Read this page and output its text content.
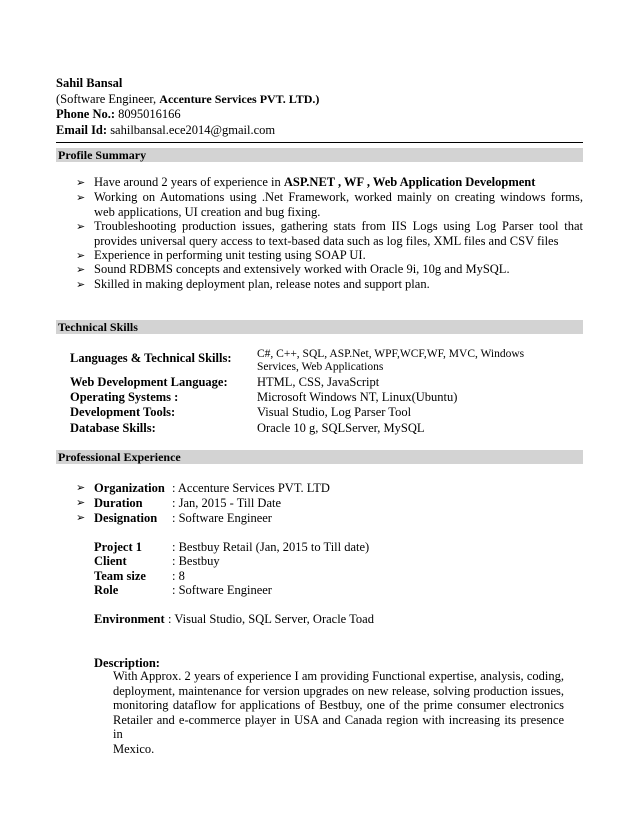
Sahil Bansal
(Software Engineer, Accenture Services PVT. LTD.)
Phone No.: 8095016166
Email Id: sahilbansal.ece2014@gmail.com
Profile Summary
➢ Have around 2 years of experience in ASP.NET , WF , Web Application Development
➢ Working on Automations using .Net Framework, worked mainly on creating windows forms,
web applications, UI creation and bug fixing.
➢ Troubleshooting production issues, gathering stats from IIS Logs using Log Parser tool that
provides universal query access to text-based data such as log files, XML files and CSV files
➢ Experience in performing unit testing using SOAP UI.
➢ Sound RDBMS concepts and extensively worked with Oracle 9i, 10g and MySQL.
➢ Skilled in making deployment plan, release notes and support plan.
Technical Skills
Languages & Technical Skills: C#, C++, SQL, ASP.Net, WPF,WCF,WF, MVC, Windows
Services, Web Applications
Web Development Language: HTML, CSS, JavaScript
Operating Systems :	Microsoft Windows NT, Linux(Ubuntu)
Development Tools:	Visual Studio, Log Parser Tool
Database Skills:	Oracle 10 g, SQLServer, MySQL
Professional Experience
➢ Organization : Accenture Services PVT. LTD
➢ Duration : Jan, 2015 - Till Date
➢ Designation : Software Engineer
Project 1 : Bestbuy Retail (Jan, 2015 to Till date)
Client	: Bestbuy
Team size : 8
Role	: Software Engineer
Environment : Visual Studio, SQL Server, Oracle Toad
Description:
With Approx. 2 years of experience I am providing Functional expertise, analysis, coding,
deployment, maintenance for version upgrades on new release, solving production issues,
monitoring dataflow for applications of Bestbuy, one of the prime consumer electronics
Retailer and e-commerce player in USA and Canada region with increasing its presence in
Mexico.
